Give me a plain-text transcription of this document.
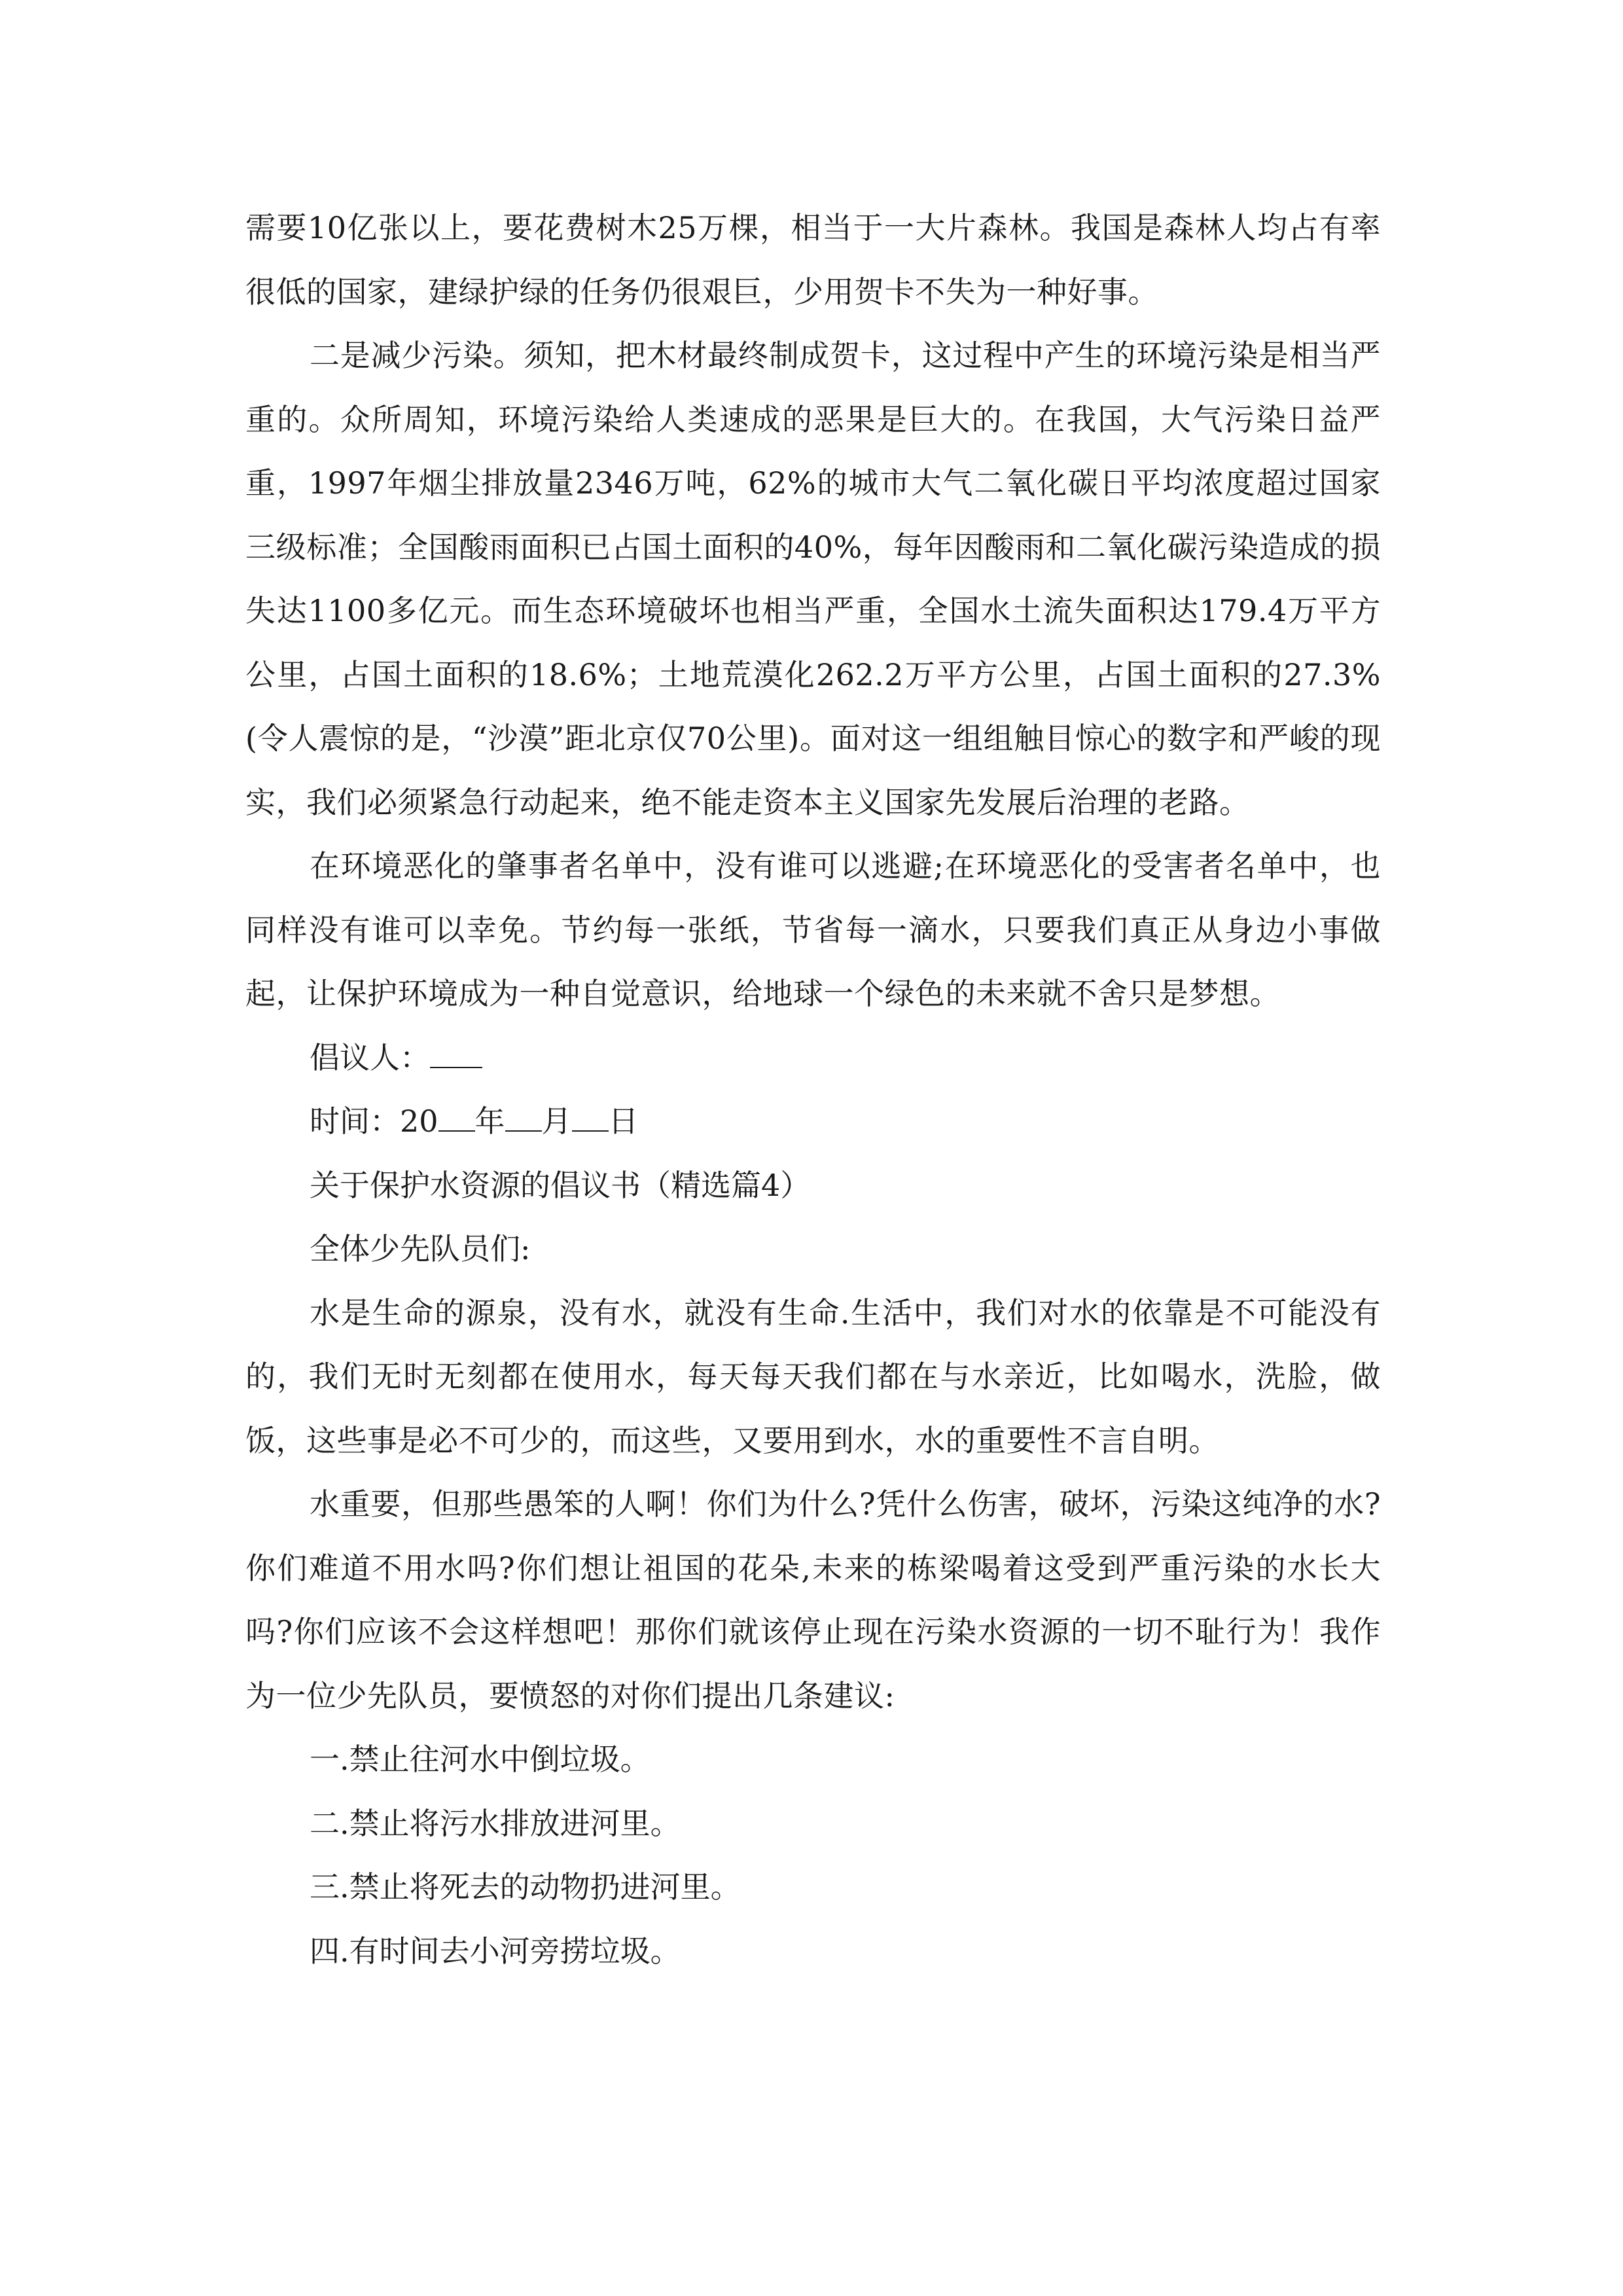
需要10亿张以上，要花费树木25万棵，相当于一大片森林。我国是森林人均占有率很低的国家，建绿护绿的任务仍很艰巨，少用贺卡不失为一种好事。

二是减少污染。须知，把木材最终制成贺卡，这过程中产生的环境污染是相当严重的。众所周知，环境污染给人类速成的恶果是巨大的。在我国，大气污染日益严重，1997年烟尘排放量2346万吨，62%的城市大气二氧化碳日平均浓度超过国家三级标准；全国酸雨面积已占国土面积的40%，每年因酸雨和二氧化碳污染造成的损失达1100多亿元。而生态环境破坏也相当严重，全国水土流失面积达179.4万平方公里，占国土面积的18.6%；土地荒漠化262.2万平方公里，占国土面积的27.3%(令人震惊的是，“沙漠”距北京仅70公里)。面对这一组组触目惊心的数字和严峻的现实，我们必须紧急行动起来，绝不能走资本主义国家先发展后治理的老路。

在环境恶化的肇事者名单中，没有谁可以逃避;在环境恶化的受害者名单中，也同样没有谁可以幸免。节约每一张纸，节省每一滴水，只要我们真正从身边小事做起，让保护环境成为一种自觉意识，给地球一个绿色的未来就不舍只是梦想。

倡议人：

时间：20 年 月 日

关于保护水资源的倡议书（精选篇4）

全体少先队员们:

水是生命的源泉，没有水，就没有生命.生活中，我们对水的依靠是不可能没有的，我们无时无刻都在使用水，每天每天我们都在与水亲近，比如喝水，洗脸，做饭，这些事是必不可少的，而这些，又要用到水，水的重要性不言自明。

水重要，但那些愚笨的人啊！你们为什么?凭什么伤害，破坏，污染这纯净的水?你们难道不用水吗?你们想让祖国的花朵,未来的栋梁喝着这受到严重污染的水长大吗?你们应该不会这样想吧！那你们就该停止现在污染水资源的一切不耻行为！我作为一位少先队员，要愤怒的对你们提出几条建议:

一.禁止往河水中倒垃圾。

二.禁止将污水排放进河里。

三.禁止将死去的动物扔进河里。

四.有时间去小河旁捞垃圾。
